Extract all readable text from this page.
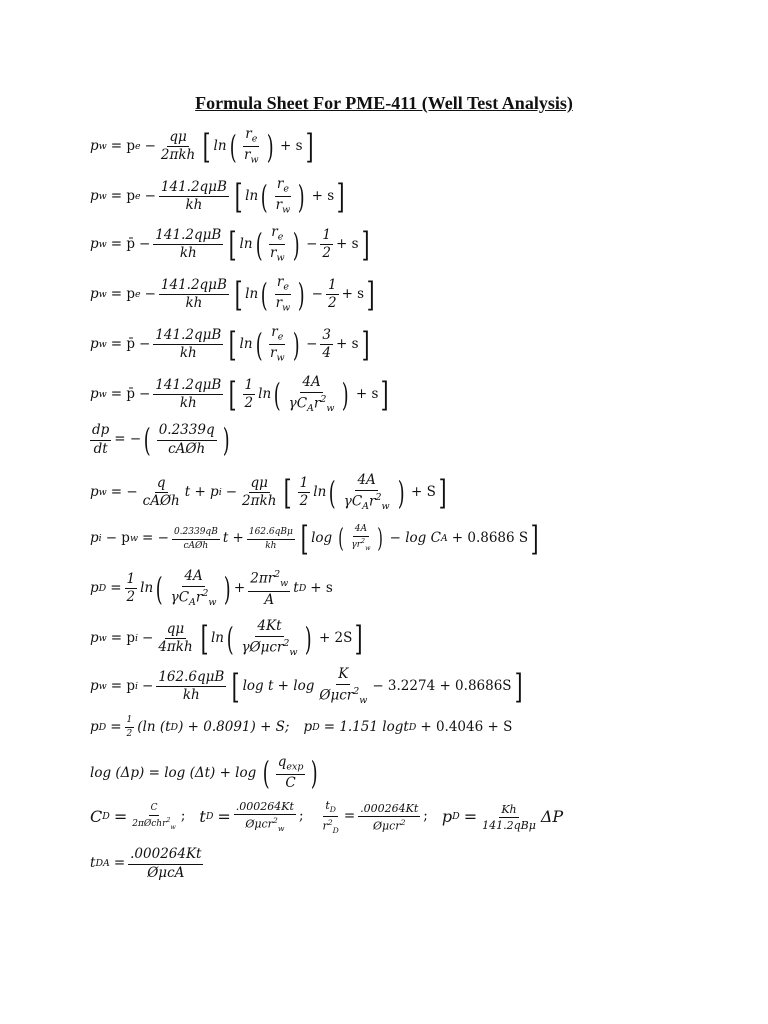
Formula Sheet For PME-411 (Well Test Analysis)
p w = p e −
qμ
2πkh [ ln ( $r_e$
$r_w$ ) + s ]
p w = p e −
141.2qμB
kh [ ln ( $r_e$
$r_w$ ) + s ]
p w = p̄ −
141.2qμB
kh [ ln ( $r_e$
$r_w$ ) − $\frac{1}{2} + s$ ]
p w = p e −
141.2qμB
kh [ ln ( $r_e$
$r_w$ ) − $\frac{1}{2} + s$ ]
p w = p̄ −
141.2qμB
kh [ ln ( $r_e$
$r_w$ ) − $\frac{3}{4} + s$ ]
p w = p̄ −
141.2qμB
kh [ 1
2
ln ( 4A
$\gamma C_Ar^2_w$ ) + s ]
$\frac{dp}{dt}$ = − ( 0.2339q
cAØh )
p w = −
q
cAØh
t + p i −
qμ
2πkh [ 1
2
ln ( 4A
$\gamma C_Ar^2_w$ ) + S ]
p i − p w = − 0.2339qB
cAØh t + 162.6qBμ
kh [ log ( 4A
$\gamma r^2_w$ ) − log C A + 0.8686 S ]
p $D = \frac{1}{2}$ ln ( 4A
$\gamma C_Ar^2_w$ ) + $\frac{2\pi r^2_w}{A}$ t D + s
p w = p i −
qμ
4πkh [ ln ( 4Kt
γØμcr$^2_w$ ) + 2S ]
p w = p i −
162.6qμB
kh [ log t + log
K
Øμcr$^2_w$
− 3.2274 + 0.8686S ]
p $D = \frac{1}{2} (\ln$ (t D ) + 0.8091) + S; p D = 1.151 logt D + 0.4046 + S
log (Δp) = log (Δt) + log ( $q_{exp}$
C )
C D =	C
2πØchr$^2_w$
; t D =
.000264Kt
Øμcr$^2_w$
; $\frac{t_D}{r^2_D}$ =
.000264Kt
Øμcr$^2$ ; p D = Kh
141.2qBμ ΔP
t DA =
.000264Kt
ØμcA
